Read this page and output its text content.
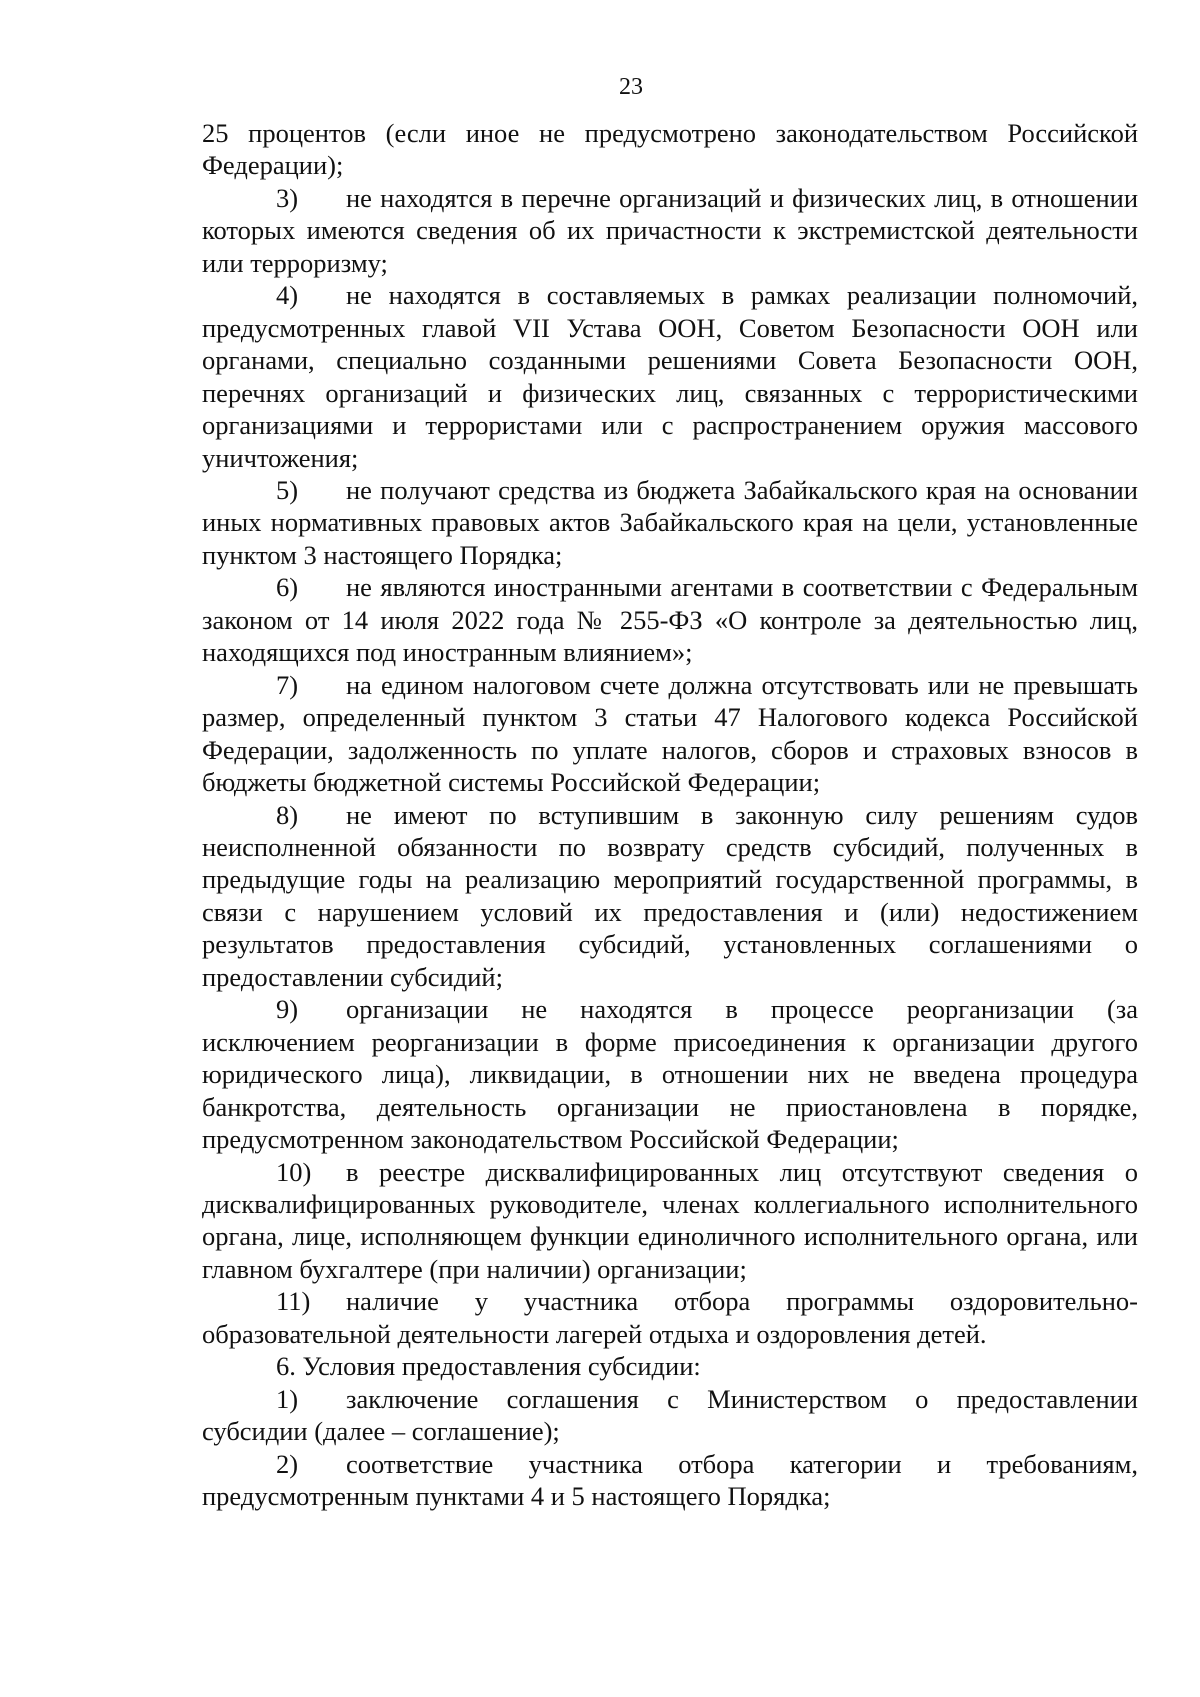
23

25 процентов (если иное не предусмотрено законодательством Российской Федерации);

3) не находятся в перечне организаций и физических лиц, в отношении которых имеются сведения об их причастности к экстремистской деятельности или терроризму;

4) не находятся в составляемых в рамках реализации полномочий, предусмотренных главой VII Устава ООН, Советом Безопасности ООН или органами, специально созданными решениями Совета Безопасности ООН, перечнях организаций и физических лиц, связанных с террористическими организациями и террористами или с распространением оружия массового уничтожения;

5) не получают средства из бюджета Забайкальского края на основании иных нормативных правовых актов Забайкальского края на цели, установленные пунктом 3 настоящего Порядка;

6) не являются иностранными агентами в соответствии с Федеральным законом от 14 июля 2022 года № 255-ФЗ «О контроле за деятельностью лиц, находящихся под иностранным влиянием»;

7) на едином налоговом счете должна отсутствовать или не превышать размер, определенный пунктом 3 статьи 47 Налогового кодекса Российской Федерации, задолженность по уплате налогов, сборов и страховых взносов в бюджеты бюджетной системы Российской Федерации;

8) не имеют по вступившим в законную силу решениям судов неисполненной обязанности по возврату средств субсидий, полученных в предыдущие годы на реализацию мероприятий государственной программы, в связи с нарушением условий их предоставления и (или) недостижением результатов предоставления субсидий, установленных соглашениями о предоставлении субсидий;

9) организации не находятся в процессе реорганизации (за исключением реорганизации в форме присоединения к организации другого юридического лица), ликвидации, в отношении них не введена процедура банкротства, деятельность организации не приостановлена в порядке, предусмотренном законодательством Российской Федерации;

10) в реестре дисквалифицированных лиц отсутствуют сведения о дисквалифицированных руководителе, членах коллегиального исполнительного органа, лице, исполняющем функции единоличного исполнительного органа, или главном бухгалтере (при наличии) организации;

11) наличие у участника отбора программы оздоровительно-образовательной деятельности лагерей отдыха и оздоровления детей.

6. Условия предоставления субсидии:

1) заключение соглашения с Министерством о предоставлении субсидии (далее – соглашение);

2) соответствие участника отбора категории и требованиям, предусмотренным пунктами 4 и 5 настоящего Порядка;
